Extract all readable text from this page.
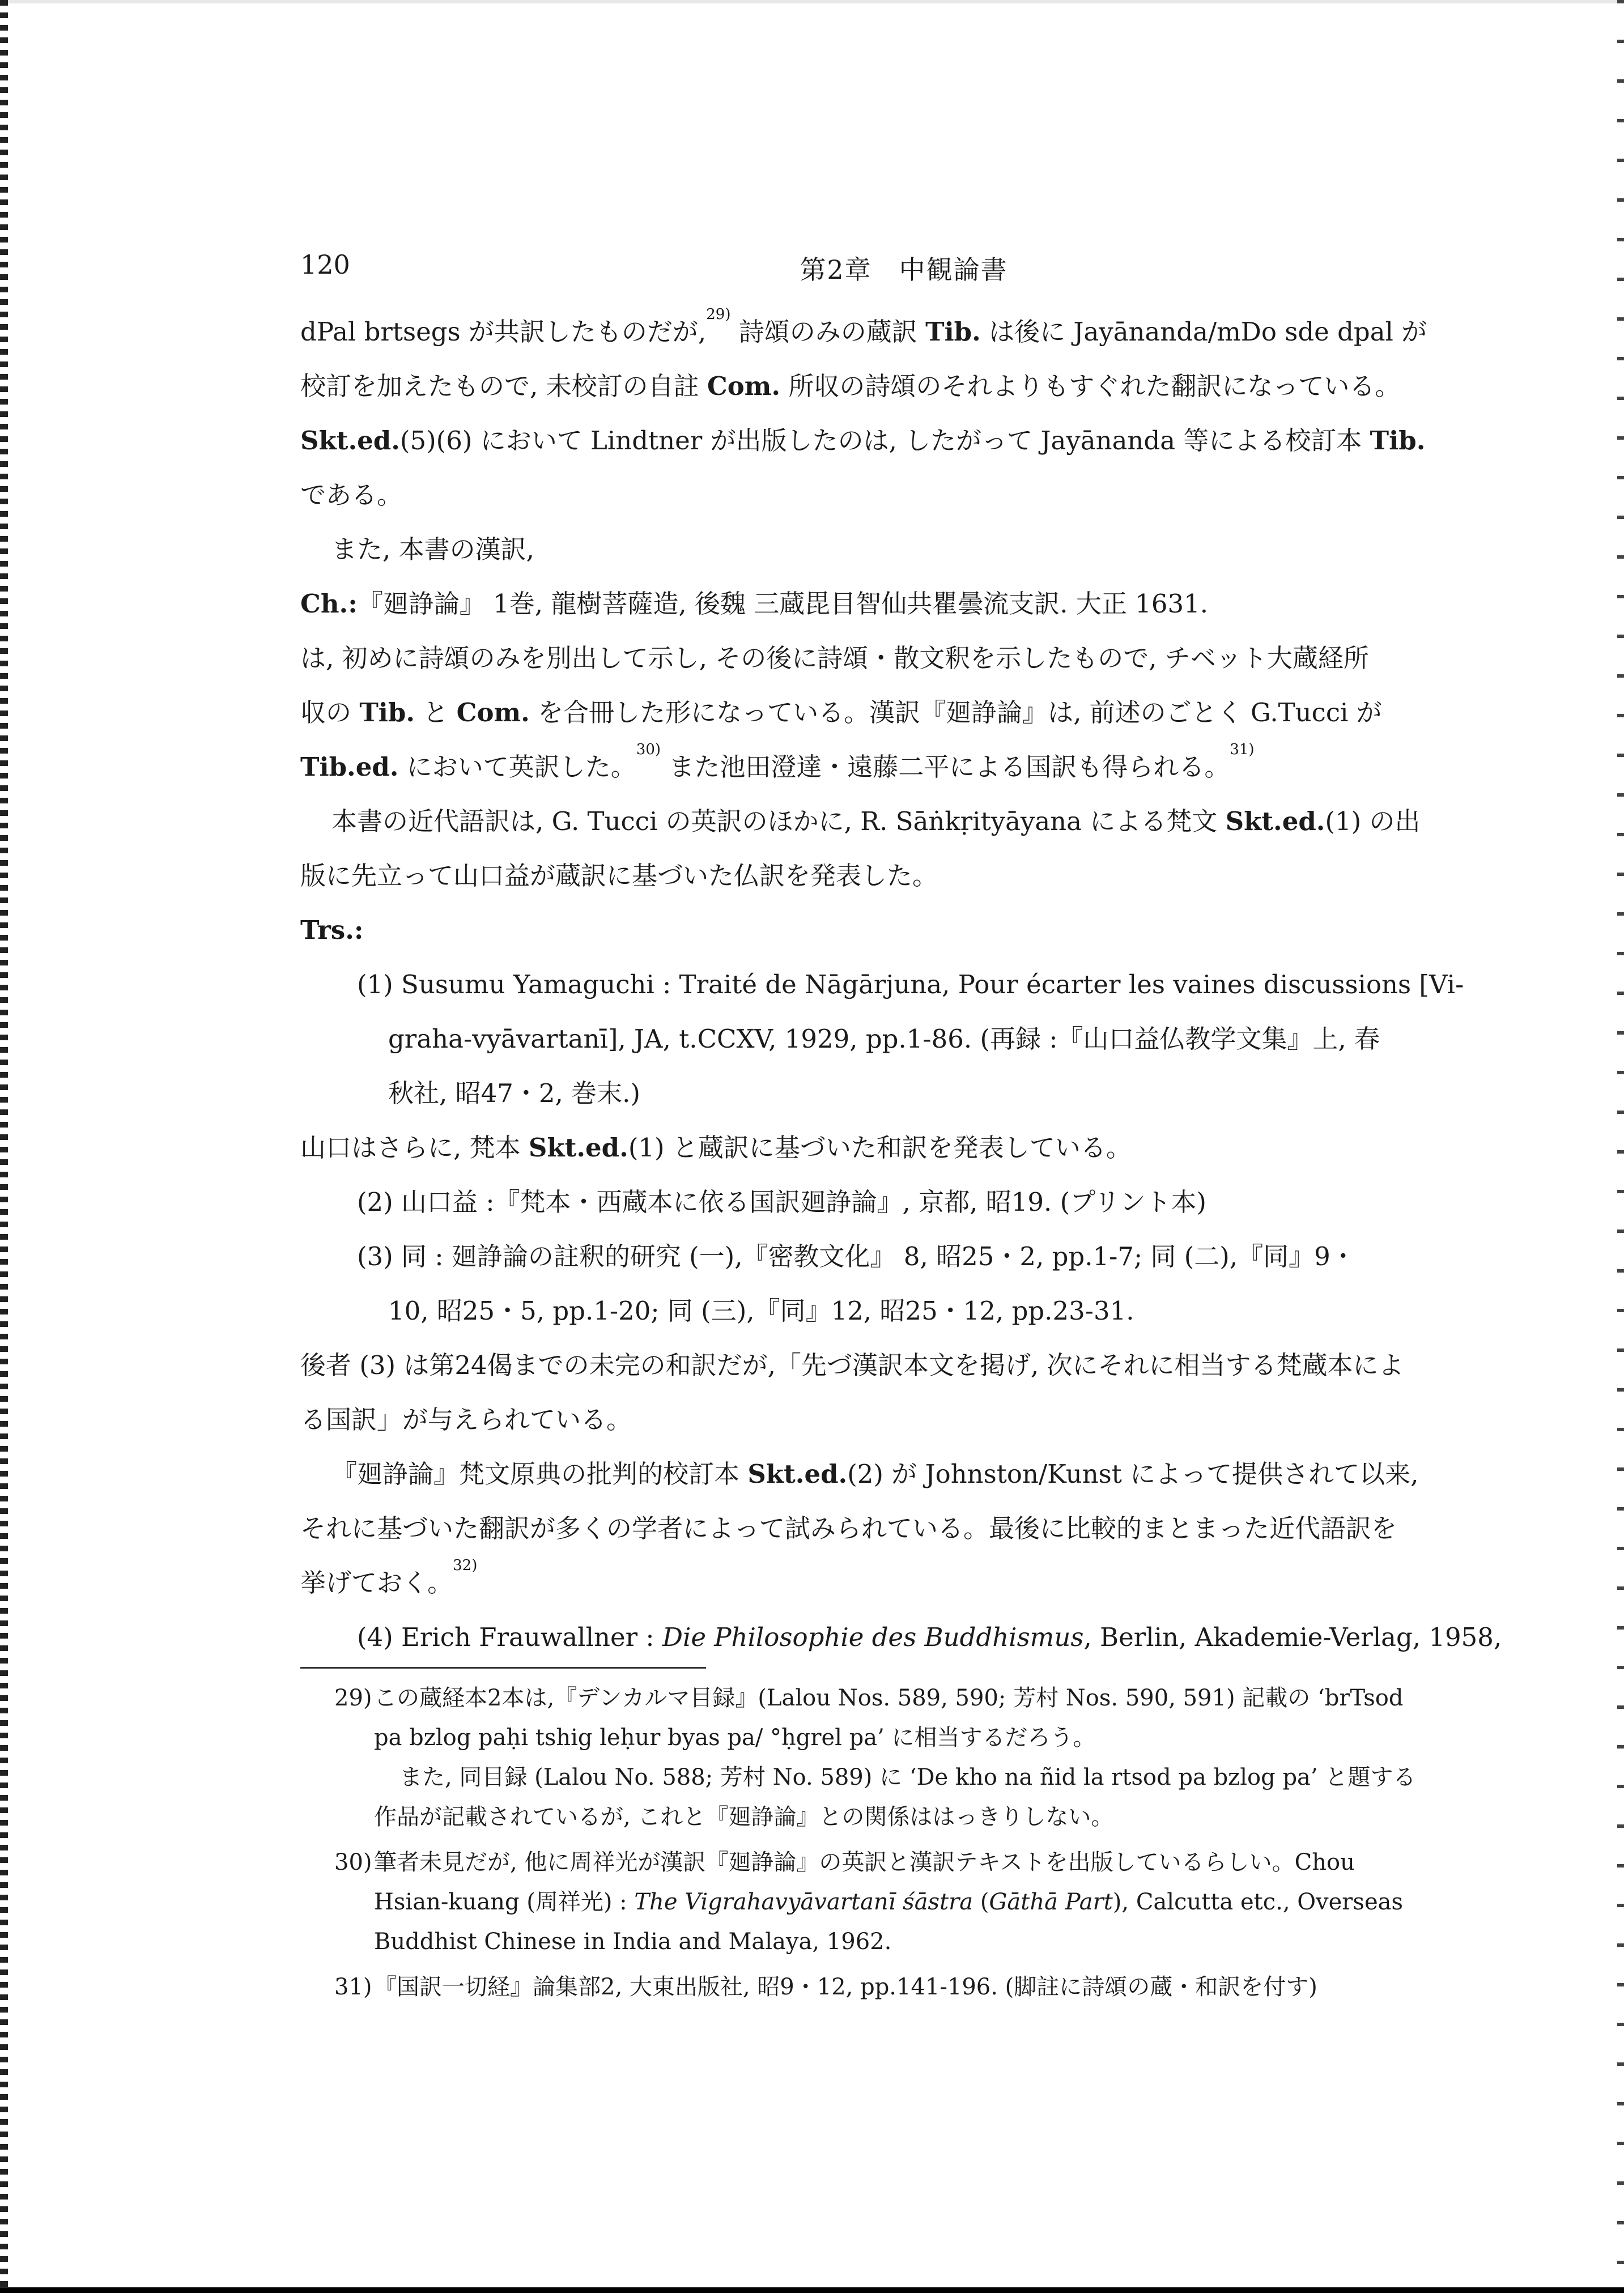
120	第2章　中観論書
dPal brtsegs が共訳したものだが,$^{29)}$ 詩頌のみの蔵訳 Tib. は後に Jayānanda/mDo sde dpal が
校訂を加えたもので, 未校訂の自註 Com. 所収の詩頌のそれよりもすぐれた翻訳になっている。
Skt.ed.(5)(6) において Lindtner が出版したのは, したがって Jayānanda 等による校訂本 Tib.
である。
また, 本書の漢訳,
Ch.:『廻諍論』 1巻, 龍樹菩薩造, 後魏 三蔵毘目智仙共瞿曇流支訳. 大正 1631.
は, 初めに詩頌のみを別出して示し, その後に詩頌・散文釈を示したもので, チベット大蔵経所
収の Tib. と Com. を合冊した形になっている。漢訳『廻諍論』は, 前述のごとく G.Tucci が
Tib.ed. において英訳した。$^{30)}$ また池田澄達・遠藤二平による国訳も得られる。$^{31)}$
本書の近代語訳は, G. Tucci の英訳のほかに, R. Sāṅkṛityāyana による梵文 Skt.ed.(1) の出
版に先立って山口益が蔵訳に基づいた仏訳を発表した。
Trs.:
(1) Susumu Yamaguchi : Traité de Nāgārjuna, Pour écarter les vaines discussions [Vi-
graha-vyāvartanī], JA, t.CCXV, 1929, pp.1-86. (再録 :『山口益仏教学文集』上, 春
秋社, 昭47・2, 巻末.)
山口はさらに, 梵本 Skt.ed.(1) と蔵訳に基づいた和訳を発表している。
(2) 山口益 :『梵本・西蔵本に依る国訳廻諍論』, 京都, 昭19. (プリント本)
(3) 同 : 廻諍論の註釈的研究 (一),『密教文化』 8, 昭25・2, pp.1-7; 同 (二),『同』9・
10, 昭25・5, pp.1-20; 同 (三),『同』12, 昭25・12, pp.23-31.
後者 (3) は第24偈までの未完の和訳だが,「先づ漢訳本文を掲げ, 次にそれに相当する梵蔵本によ
る国訳」が与えられている。
『廻諍論』梵文原典の批判的校訂本 Skt.ed.(2) が Johnston/Kunst によって提供されて以来,
それに基づいた翻訳が多くの学者によって試みられている。最後に比較的まとまった近代語訳を
挙げておく。$^{32)}$
(4) Erich Frauwallner : Die Philosophie des Buddhismus, Berlin, Akademie-Verlag, 1958,
29)この蔵経本2本は,『デンカルマ目録』(Lalou Nos. 589, 590; 芳村 Nos. 590, 591) 記載の ‘brTsod
pa bzlog paḥi tshig leḥur byas pa/ °ḥgrel pa’ に相当するだろう。
また, 同目録 (Lalou No. 588; 芳村 No. 589) に ‘De kho na ñid la rtsod pa bzlog pa’ と題する
作品が記載されているが, これと『廻諍論』との関係ははっきりしない。
30)筆者未見だが, 他に周祥光が漢訳『廻諍論』の英訳と漢訳テキストを出版しているらしい。Chou
Hsian-kuang (周祥光) : The Vigrahavyāvartanī śāstra (Gāthā Part), Calcutta etc., Overseas
Buddhist Chinese in India and Malaya, 1962.
31)『国訳一切経』論集部2, 大東出版社, 昭9・12, pp.141-196. (脚註に詩頌の蔵・和訳を付す)
